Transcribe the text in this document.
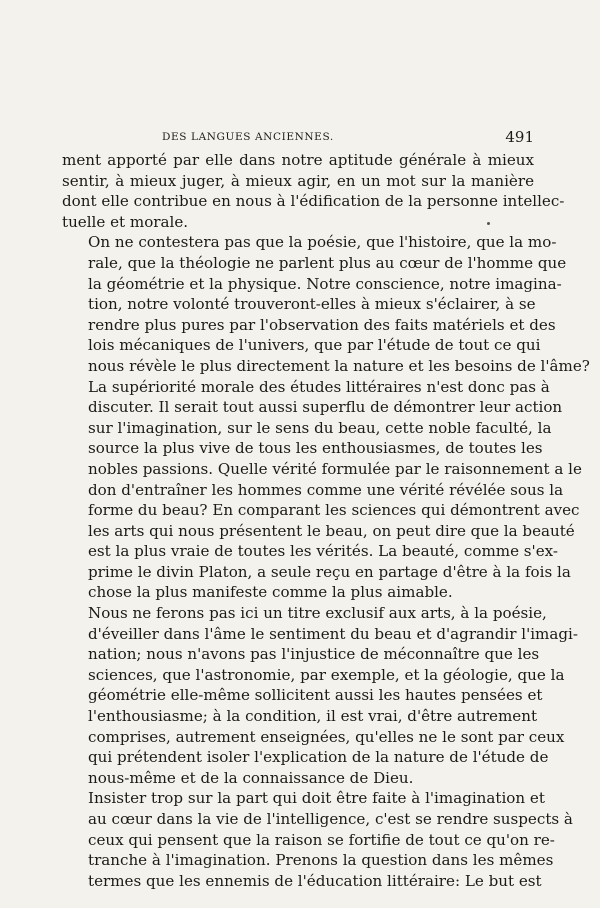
DES LANGUES ANCIENNES.	491

ment apporté par elle dans notre aptitude générale à mieux
sentir, à mieux juger, à mieux agir, en un mot sur la manière
dont elle contribue en nous à l'édification de la personne intellec-
tuelle et morale.

On ne contestera pas que la poésie, que l'histoire, que la mo-
rale, que la théologie ne parlent plus au cœur de l'homme que
la géométrie et la physique. Notre conscience, notre imagina-
tion, notre volonté trouveront-elles à mieux s'éclairer, à se
rendre plus pures par l'observation des faits matériels et des
lois mécaniques de l'univers, que par l'étude de tout ce qui
nous révèle le plus directement la nature et les besoins de l'âme?
La supériorité morale des études littéraires n'est donc pas à
discuter. Il serait tout aussi superflu de démontrer leur action
sur l'imagination, sur le sens du beau, cette noble faculté, la
source la plus vive de tous les enthousiasmes, de toutes les
nobles passions. Quelle vérité formulée par le raisonnement a le
don d'entraîner les hommes comme une vérité révélée sous la
forme du beau? En comparant les sciences qui démontrent avec
les arts qui nous présentent le beau, on peut dire que la beauté
est la plus vraie de toutes les vérités. La beauté, comme s'ex-
prime le divin Platon, a seule reçu en partage d'être à la fois la
chose la plus manifeste comme la plus aimable.

Nous ne ferons pas ici un titre exclusif aux arts, à la poésie,
d'éveiller dans l'âme le sentiment du beau et d'agrandir l'imagi-
nation; nous n'avons pas l'injustice de méconnaître que les
sciences, que l'astronomie, par exemple, et la géologie, que la
géométrie elle-même sollicitent aussi les hautes pensées et
l'enthousiasme; à la condition, il est vrai, d'être autrement
comprises, autrement enseignées, qu'elles ne le sont par ceux
qui prétendent isoler l'explication de la nature de l'étude de
nous-même et de la connaissance de Dieu.

Insister trop sur la part qui doit être faite à l'imagination et
au cœur dans la vie de l'intelligence, c'est se rendre suspects à
ceux qui pensent que la raison se fortifie de tout ce qu'on re-
tranche à l'imagination. Prenons la question dans les mêmes
termes que les ennemis de l'éducation littéraire: Le but est
